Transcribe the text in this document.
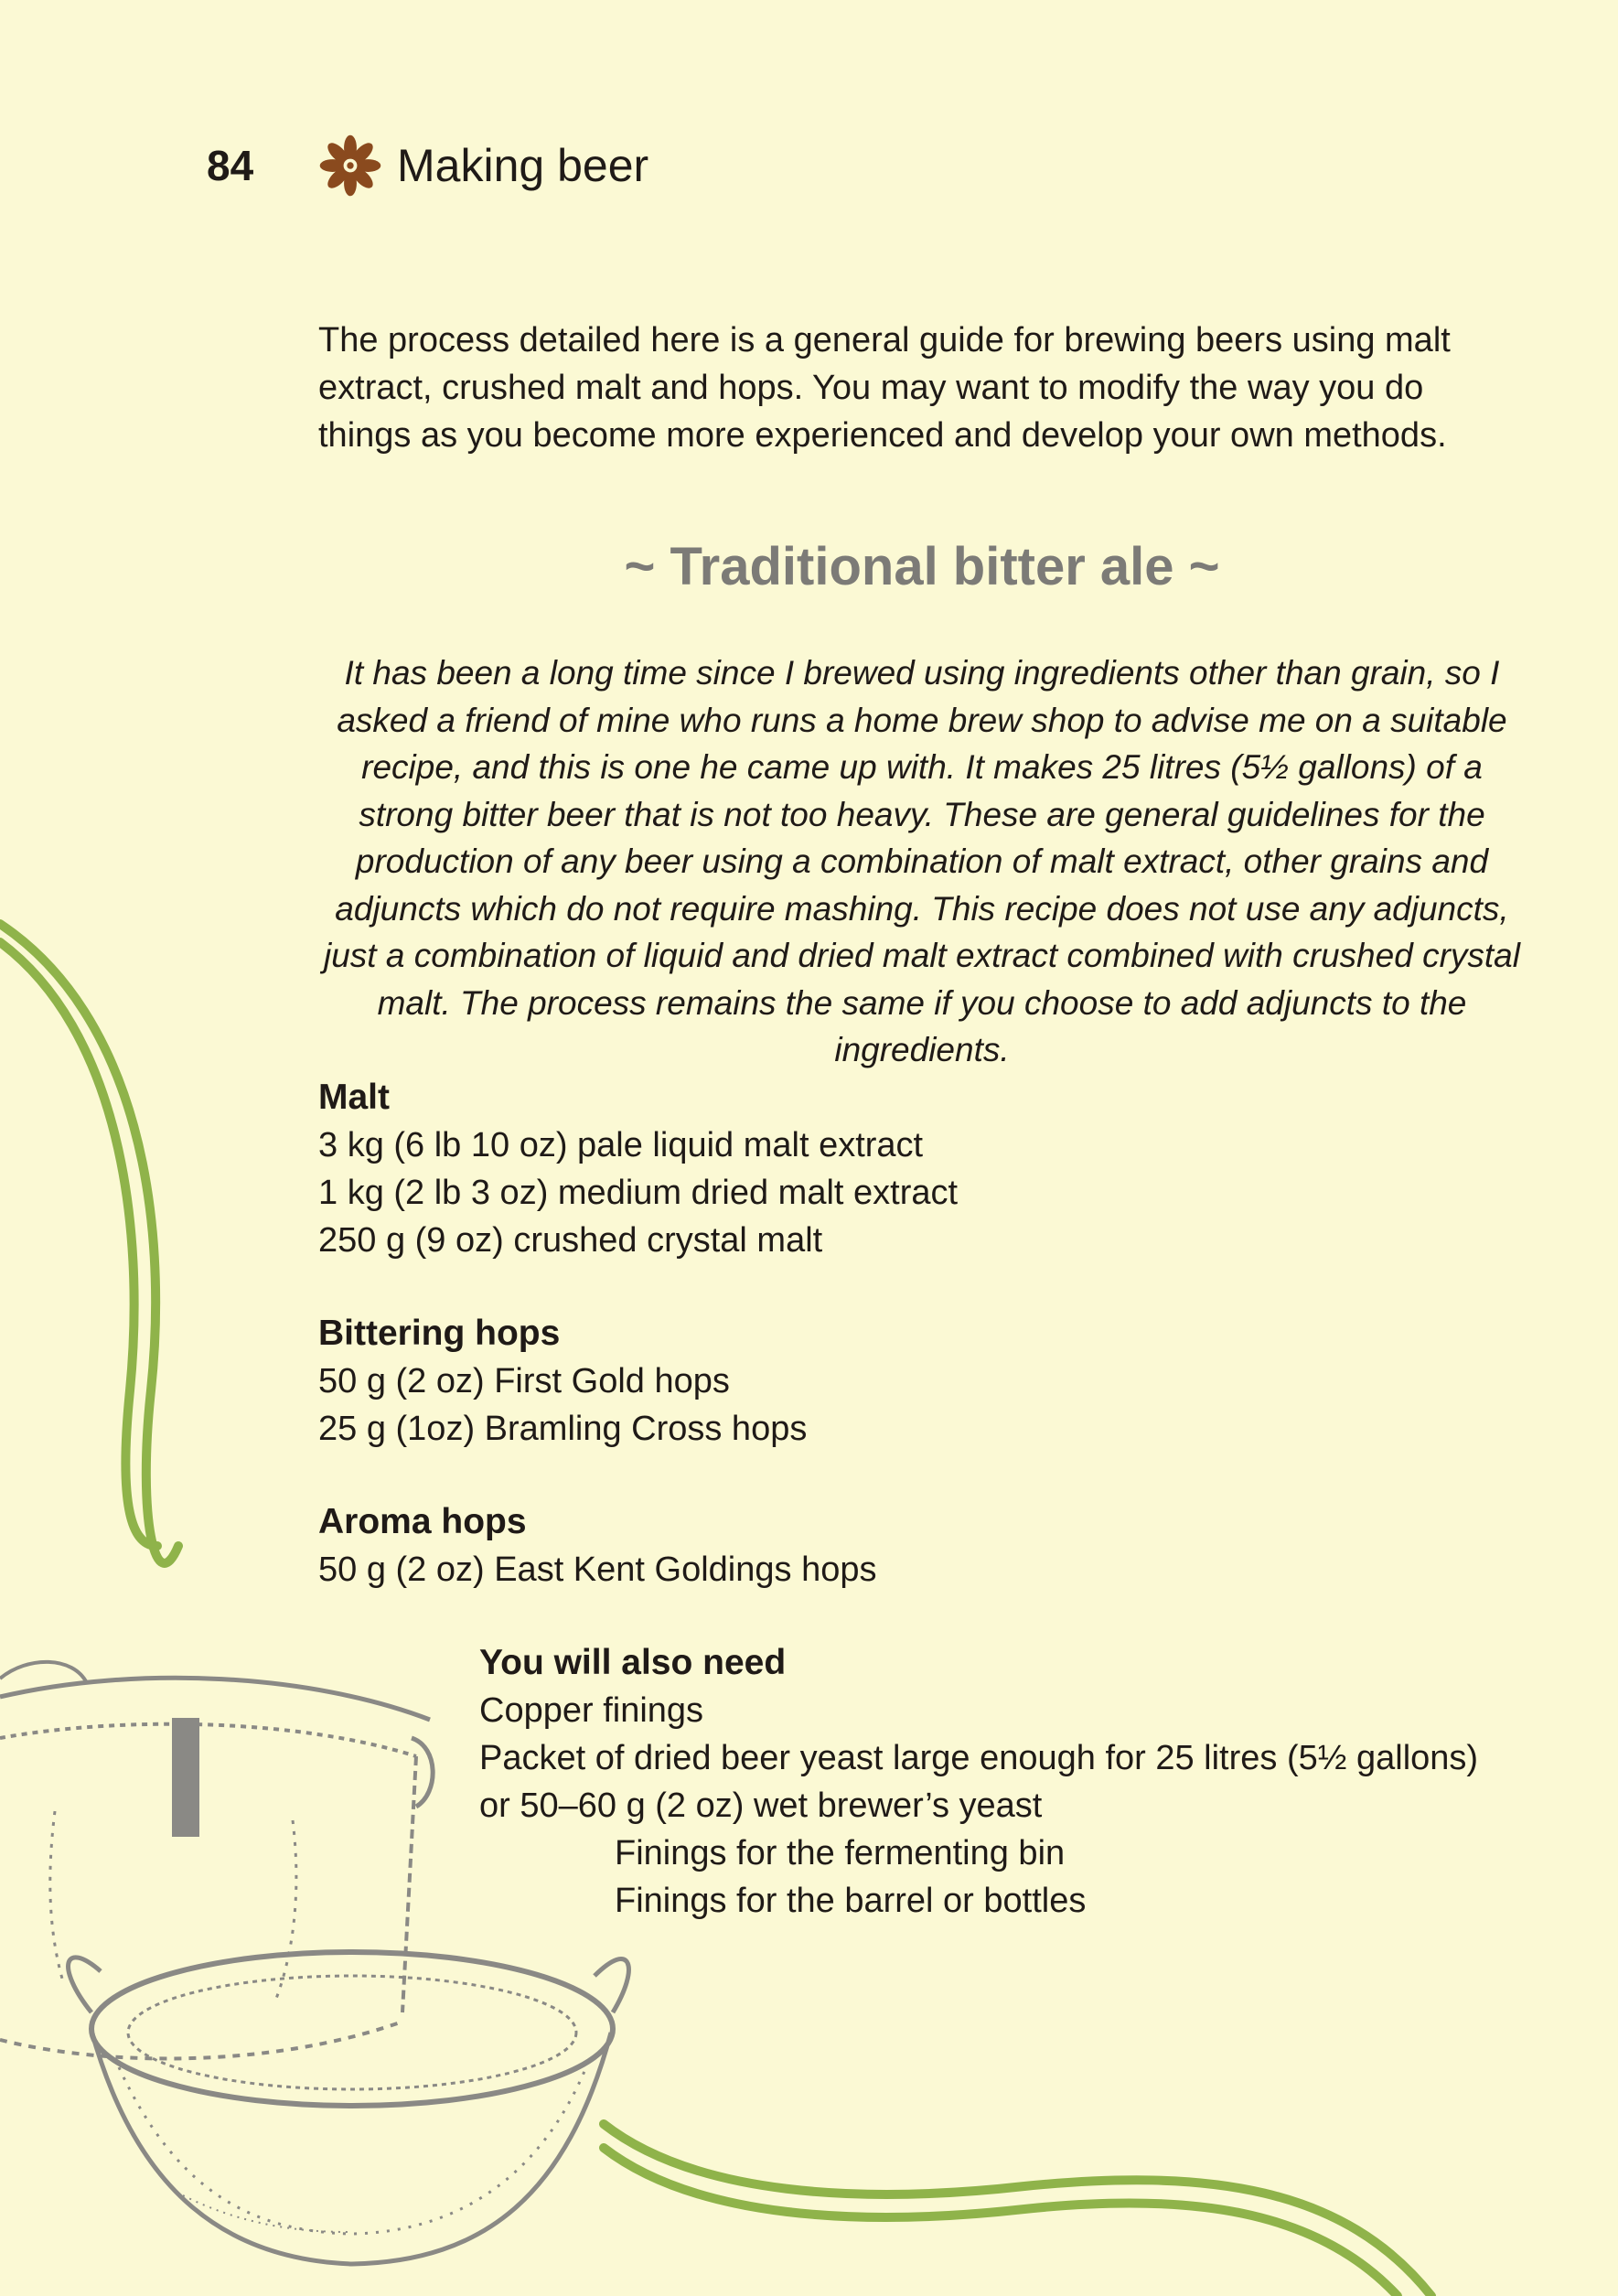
84	Making beer

The process detailed here is a general guide for brewing beers using malt extract, crushed malt and hops. You may want to modify the way you do things as you become more experienced and develop your own methods.

~ Traditional bitter ale ~

It has been a long time since I brewed using ingredients other than grain, so I asked a friend of mine who runs a home brew shop to advise me on a suitable recipe, and this is one he came up with. It makes 25 litres (5½ gallons) of a strong bitter beer that is not too heavy. These are general guidelines for the production of any beer using a combination of malt extract, other grains and adjuncts which do not require mashing. This recipe does not use any adjuncts, just a combination of liquid and dried malt extract combined with crushed crystal malt. The process remains the same if you choose to add adjuncts to the ingredients.

Malt
3 kg (6 lb 10 oz) pale liquid malt extract
1 kg (2 lb 3 oz) medium dried malt extract
250 g (9 oz) crushed crystal malt
Bittering hops
50 g (2 oz) First Gold hops
25 g (1oz) Bramling Cross hops
Aroma hops
50 g (2 oz) East Kent Goldings hops
You will also need
Copper finings
Packet of dried beer yeast large enough for 25 litres (5½ gallons)
or 50–60 g (2 oz) wet brewer’s yeast
Finings for the fermenting bin
Finings for the barrel or bottles
